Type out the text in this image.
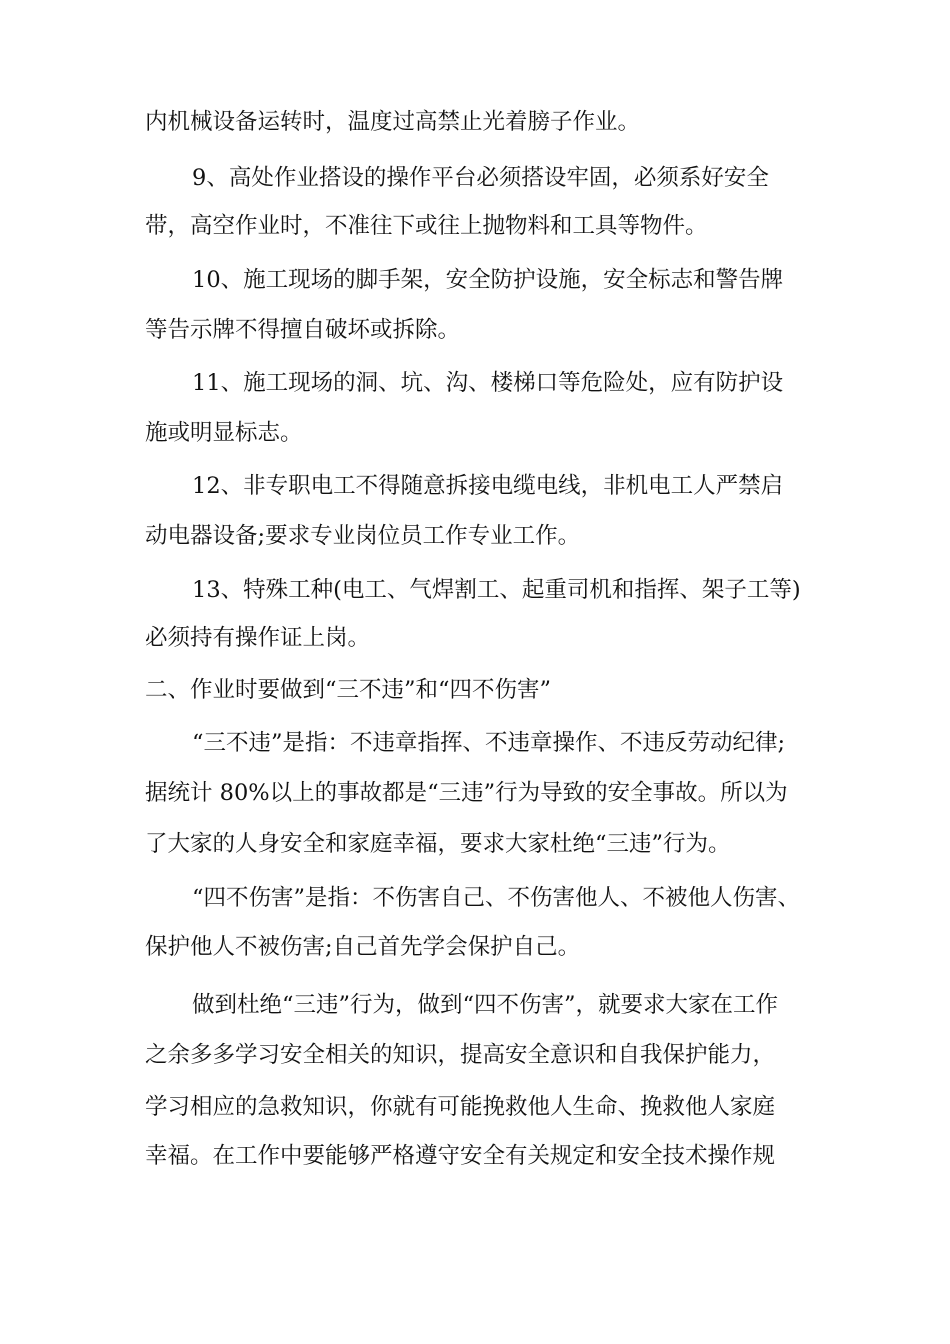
内机械设备运转时，温度过高禁止光着膀子作业。
9、高处作业搭设的操作平台必须搭设牢固，必须系好安全
带，高空作业时，不准往下或往上抛物料和工具等物件。
10、施工现场的脚手架，安全防护设施，安全标志和警告牌
等告示牌不得擅自破坏或拆除。
11、施工现场的洞、坑、沟、楼梯口等危险处，应有防护设
施或明显标志。
12、非专职电工不得随意拆接电缆电线，非机电工人严禁启
动电器设备;要求专业岗位员工作专业工作。
13、特殊工种(电工、气焊割工、起重司机和指挥、架子工等)
必须持有操作证上岗。
二、作业时要做到“三不违”和“四不伤害”
“三不违”是指：不违章指挥、不违章操作、不违反劳动纪律;
据统计 80%以上的事故都是“三违”行为导致的安全事故。所以为
了大家的人身安全和家庭幸福，要求大家杜绝“三违”行为。
“四不伤害”是指：不伤害自己、不伤害他人、不被他人伤害、
保护他人不被伤害;自己首先学会保护自己。
做到杜绝“三违”行为，做到“四不伤害”，就要求大家在工作
之余多多学习安全相关的知识，提高安全意识和自我保护能力，
学习相应的急救知识，你就有可能挽救他人生命、挽救他人家庭
幸福。在工作中要能够严格遵守安全有关规定和安全技术操作规
